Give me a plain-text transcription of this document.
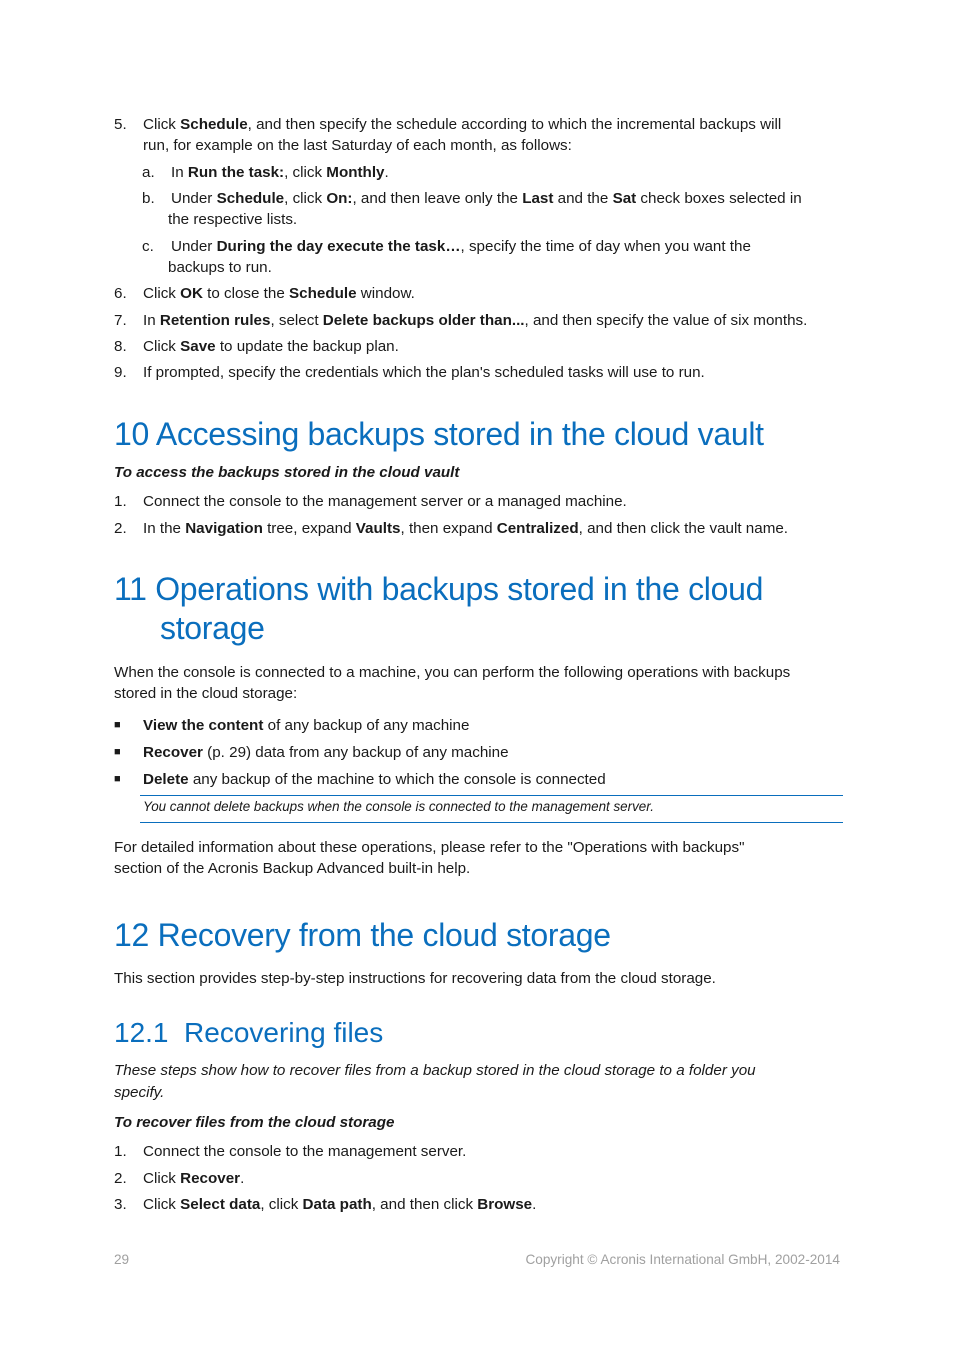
5. Click Schedule, and then specify the schedule according to which the incremental backups will
run, for example on the last Saturday of each month, as follows:
a. In Run the task:, click Monthly.
b. Under Schedule, click On:, and then leave only the Last and the Sat check boxes selected in
the respective lists.
c. Under During the day execute the task…, specify the time of day when you want the
backups to run.
6. Click OK to close the Schedule window.
7. In Retention rules, select Delete backups older than..., and then specify the value of six months.
8. Click Save to update the backup plan.
9. If prompted, specify the credentials which the plan's scheduled tasks will use to run.
10 Accessing backups stored in the cloud vault
To access the backups stored in the cloud vault
1. Connect the console to the management server or a managed machine.
2. In the Navigation tree, expand Vaults, then expand Centralized, and then click the vault name.
11 Operations with backups stored in the cloud
storage
When the console is connected to a machine, you can perform the following operations with backups
stored in the cloud storage:
■ View the content of any backup of any machine
■ Recover (p. 29) data from any backup of any machine
■ Delete any backup of the machine to which the console is connected
You cannot delete backups when the console is connected to the management server.
For detailed information about these operations, please refer to the "Operations with backups"
section of the Acronis Backup Advanced built-in help.
12 Recovery from the cloud storage
This section provides step-by-step instructions for recovering data from the cloud storage.
12.1  Recovering files
These steps show how to recover files from a backup stored in the cloud storage to a folder you
specify.
To recover files from the cloud storage
1. Connect the console to the management server.
2. Click Recover.
3. Click Select data, click Data path, and then click Browse.
29	Copyright © Acronis International GmbH, 2002-2014
